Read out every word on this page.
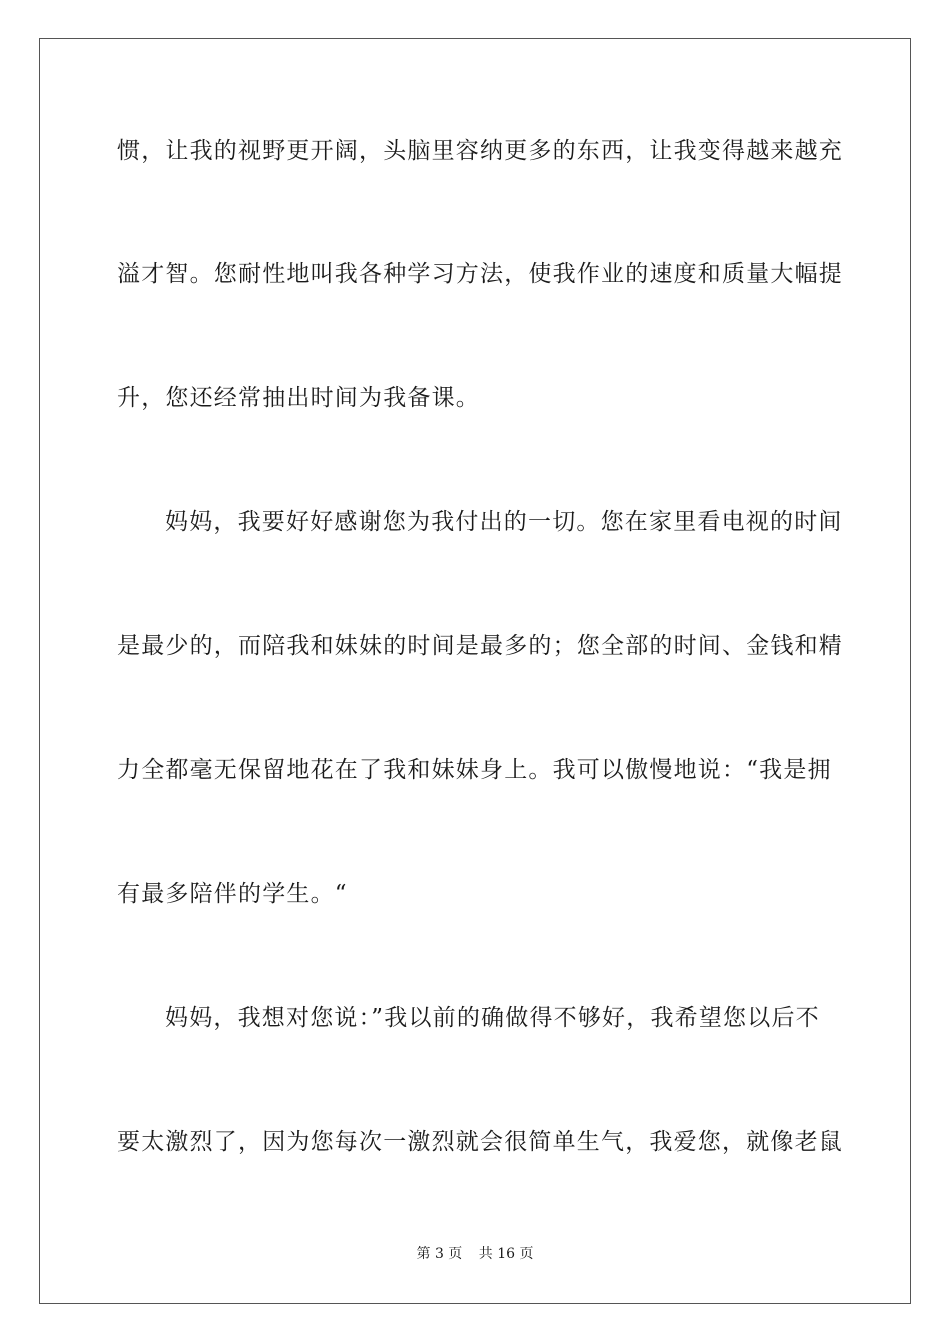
惯，让我的视野更开阔，头脑里容纳更多的东西，让我变得越来越充
溢才智。您耐性地叫我各种学习方法，使我作业的速度和质量大幅提
升，您还经常抽出时间为我备课。
妈妈，我要好好感谢您为我付出的一切。您在家里看电视的时间
是最少的，而陪我和妹妹的时间是最多的；您全部的时间、金钱和精
力全都毫无保留地花在了我和妹妹身上。我可以傲慢地说：“我是拥
有最多陪伴的学生。“
妈妈，我想对您说：”我以前的确做得不够好，我希望您以后不
要太激烈了，因为您每次一激烈就会很简单生气，我爱您，就像老鼠
第 3 页 共 16 页
